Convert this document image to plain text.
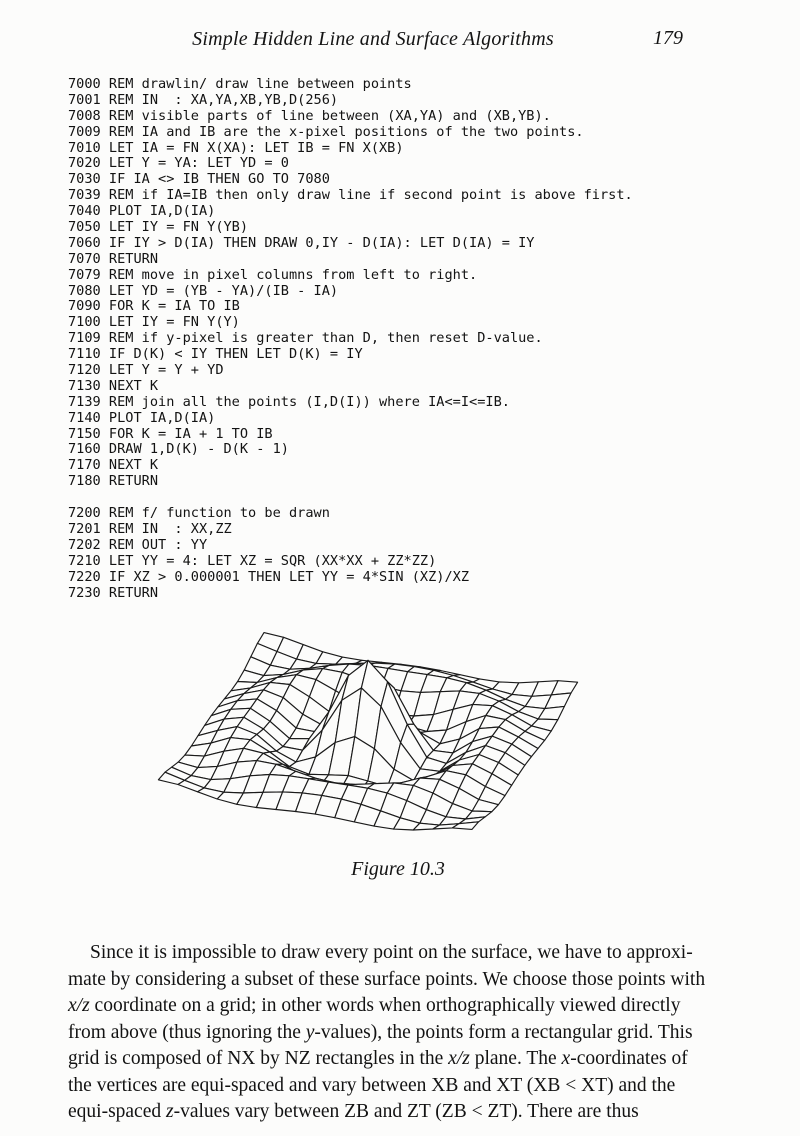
Simple Hidden Line and Surface Algorithms	179
7000 REM drawlin/ draw line between points
7001 REM IN  : XA,YA,XB,YB,D(256)
7008 REM visible parts of line between (XA,YA) and (XB,YB).
7009 REM IA and IB are the x-pixel positions of the two points.
7010 LET IA = FN X(XA): LET IB = FN X(XB)
7020 LET Y = YA: LET YD = 0
7030 IF IA <> IB THEN GO TO 7080
7039 REM if IA=IB then only draw line if second point is above first.
7040 PLOT IA,D(IA)
7050 LET IY = FN Y(YB)
7060 IF IY > D(IA) THEN DRAW 0,IY - D(IA): LET D(IA) = IY
7070 RETURN
7079 REM move in pixel columns from left to right.
7080 LET YD = (YB - YA)/(IB - IA)
7090 FOR K = IA TO IB
7100 LET IY = FN Y(Y)
7109 REM if y-pixel is greater than D, then reset D-value.
7110 IF D(K) < IY THEN LET D(K) = IY
7120 LET Y = Y + YD
7130 NEXT K
7139 REM join all the points (I,D(I)) where IA<=I<=IB.
7140 PLOT IA,D(IA)
7150 FOR K = IA + 1 TO IB
7160 DRAW 1,D(K) - D(K - 1)
7170 NEXT K
7180 RETURN

7200 REM f/ function to be drawn
7201 REM IN  : XX,ZZ
7202 REM OUT : YY
7210 LET YY = 4: LET XZ = SQR (XX*XX + ZZ*ZZ)
7220 IF XZ > 0.000001 THEN LET YY = 4*SIN (XZ)/XZ
7230 RETURN
Figure 10.3
Since it is impossible to draw every point on the surface, we have to approxi-
mate by considering a subset of these surface points. We choose those points with
x/z coordinate on a grid; in other words when orthographically viewed directly
from above (thus ignoring the y-values), the points form a rectangular grid. This
grid is composed of NX by NZ rectangles in the x/z plane. The x-coordinates of
the vertices are equi-spaced and vary between XB and XT (XB < XT) and the
equi-spaced z-values vary between ZB and ZT (ZB < ZT). There are thus
